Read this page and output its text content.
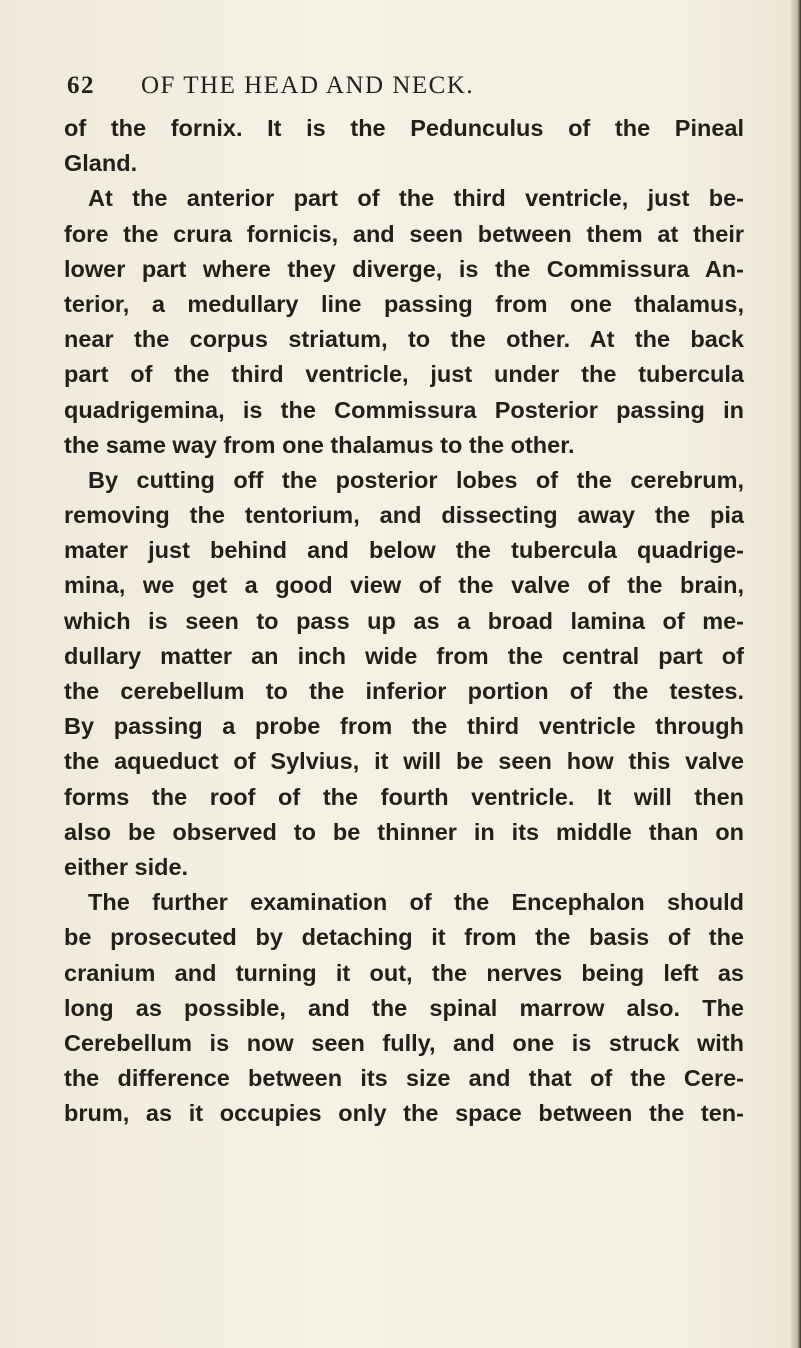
62 OF THE HEAD AND NECK.
of the fornix. It is the Pedunculus of the Pineal
Gland.
At the anterior part of the third ventricle, just be-
fore the crura fornicis, and seen between them at their
lower part where they diverge, is the Commissura An-
terior, a medullary line passing from one thalamus,
near the corpus striatum, to the other. At the back
part of the third ventricle, just under the tubercula
quadrigemina, is the Commissura Posterior passing in
the same way from one thalamus to the other.
By cutting off the posterior lobes of the cerebrum,
removing the tentorium, and dissecting away the pia
mater just behind and below the tubercula quadrige-
mina, we get a good view of the valve of the brain,
which is seen to pass up as a broad lamina of me-
dullary matter an inch wide from the central part of
the cerebellum to the inferior portion of the testes.
By passing a probe from the third ventricle through
the aqueduct of Sylvius, it will be seen how this valve
forms the roof of the fourth ventricle. It will then
also be observed to be thinner in its middle than on
either side.
The further examination of the Encephalon should
be prosecuted by detaching it from the basis of the
cranium and turning it out, the nerves being left as
long as possible, and the spinal marrow also. The
Cerebellum is now seen fully, and one is struck with
the difference between its size and that of the Cere-
brum, as it occupies only the space between the ten-
